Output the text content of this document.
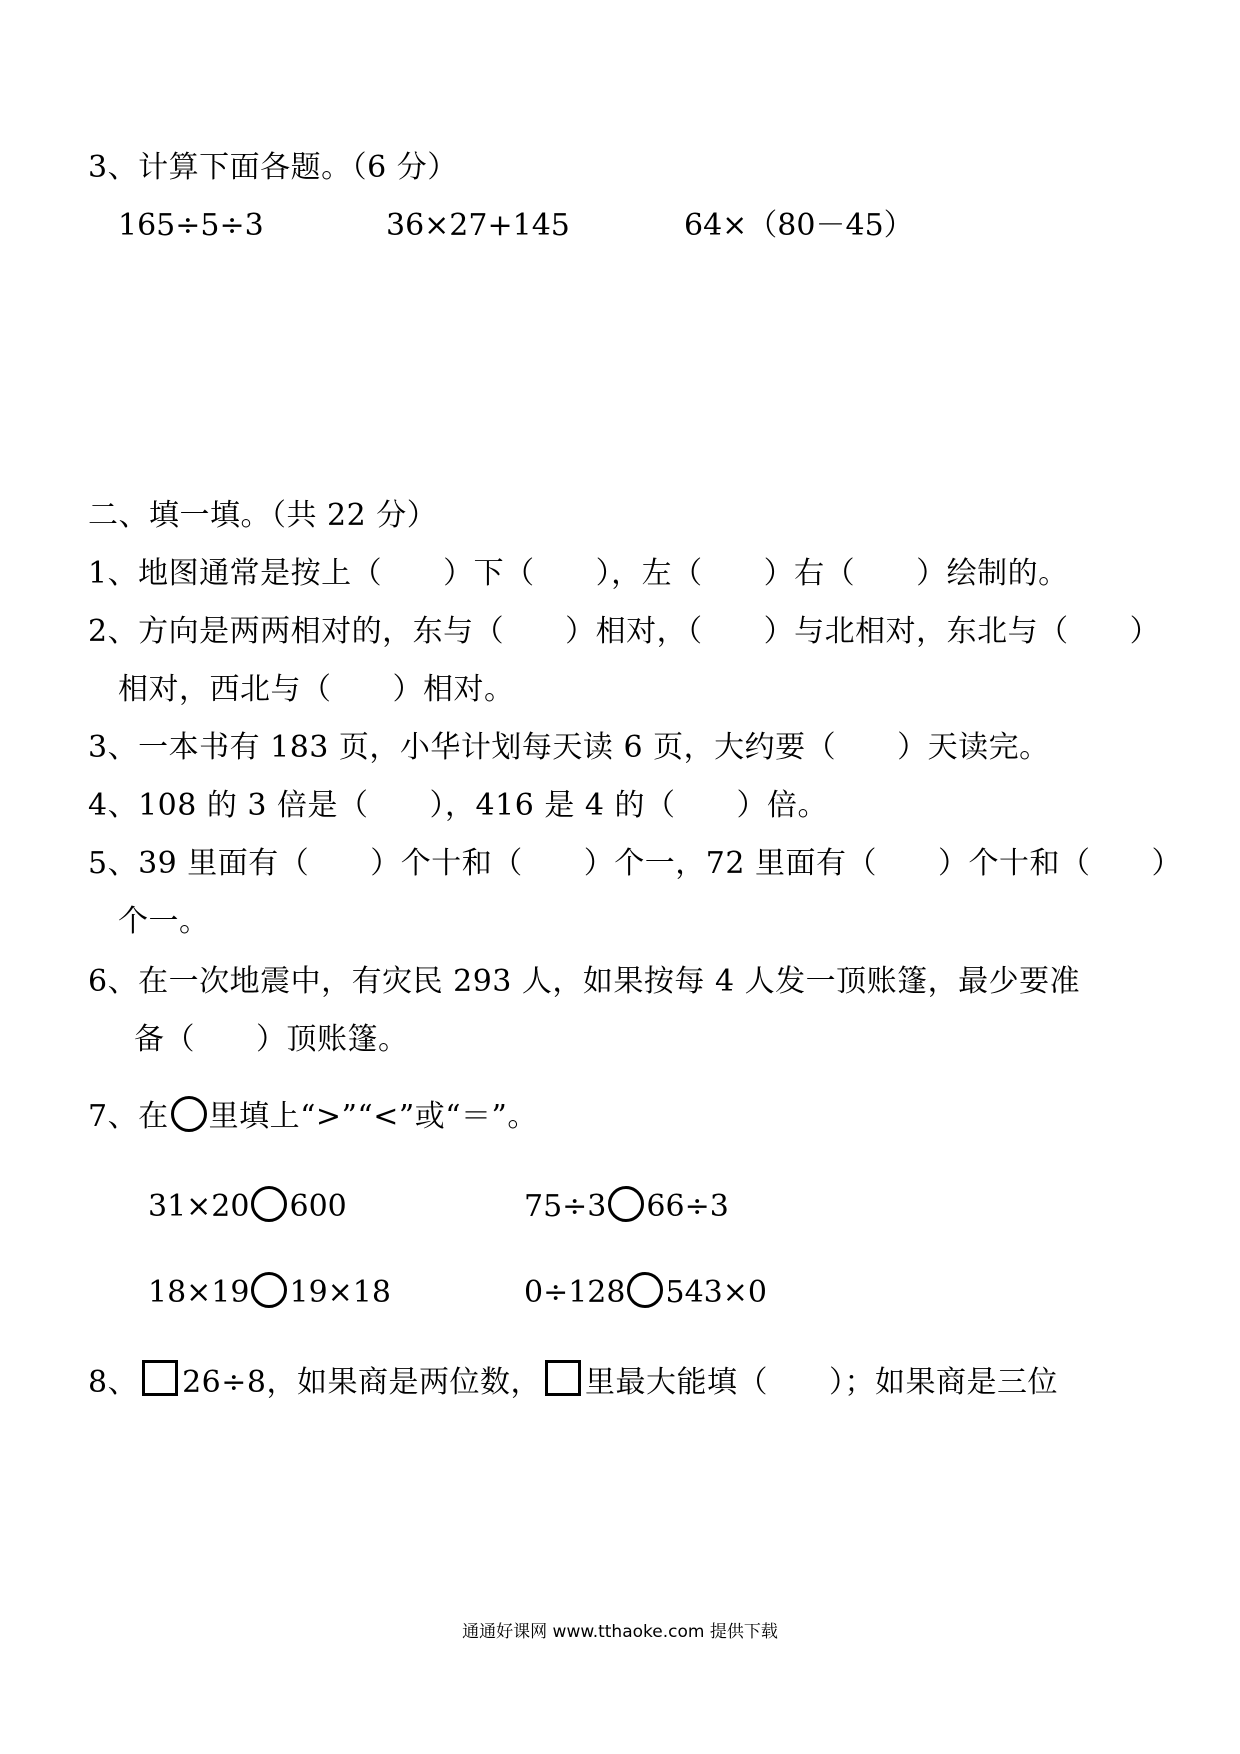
3、计算下面各题。（6 分）
165÷5÷3	36×27+145	64×（80－45）
二、填一填。（共 22 分）
1、地图通常是按上（　　）下（　　），左（　　）右（　　）绘制的。
2、方向是两两相对的，东与（　　）相对，（　　）与北相对，东北与（　　）
相对，西北与（　　）相对。
3、一本书有 183 页，小华计划每天读 6 页，大约要（　　）天读完。
4、108 的 3 倍是（　　），416 是 4 的（　　）倍。
5、39 里面有（　　）个十和（　　）个一，72 里面有（　　）个十和（　　）
个一。
6、在一次地震中，有灾民 293 人，如果按每 4 人发一顶账篷，最少要准
备（　　）顶账篷。
7、在 里填上“>”“<”或“＝”。
31×20 600	75÷3 66÷3
18×19 19×18	0÷128 543×0
8、 26÷8，如果商是两位数， 里最大能填（　　）；如果商是三位
通通好课网 www.tthaoke.com 提供下载
